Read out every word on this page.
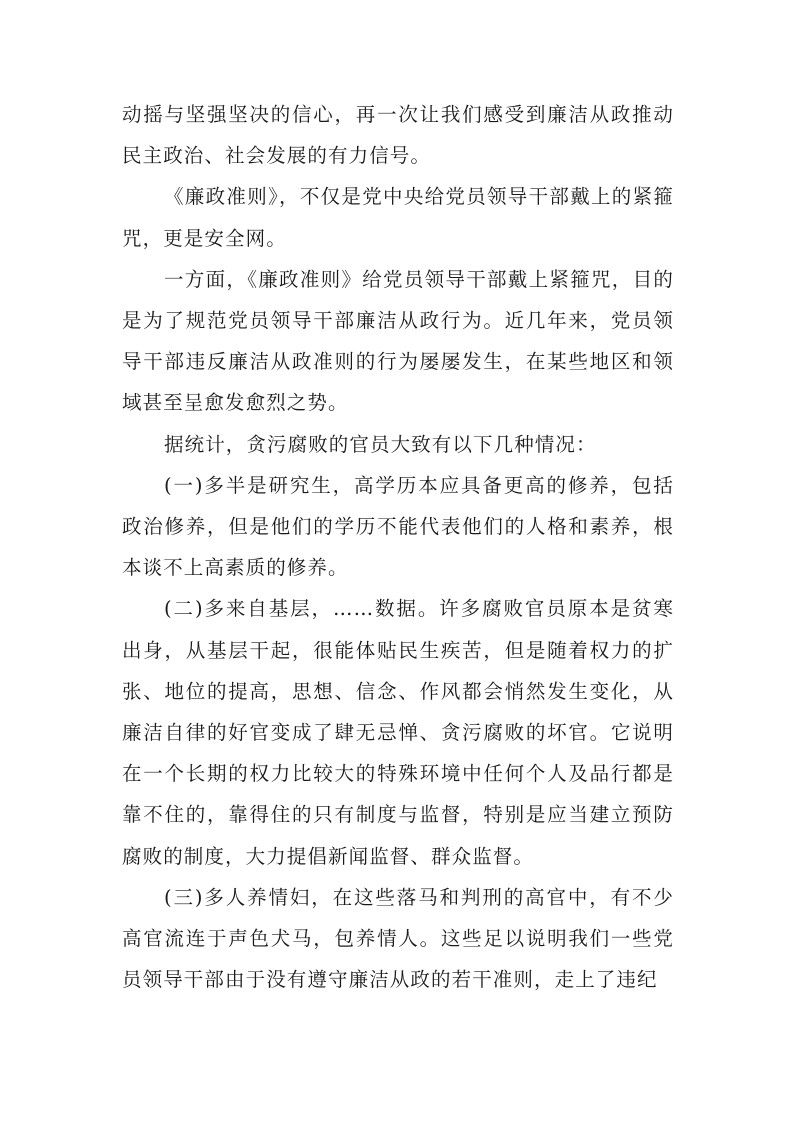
动摇与坚强坚决的信心，再一次让我们感受到廉洁从政推动民主政治、社会发展的有力信号。

《廉政准则》，不仅是党中央给党员领导干部戴上的紧箍咒，更是安全网。

一方面，《廉政准则》给党员领导干部戴上紧箍咒，目的是为了规范党员领导干部廉洁从政行为。近几年来，党员领导干部违反廉洁从政准则的行为屡屡发生，在某些地区和领域甚至呈愈发愈烈之势。

据统计，贪污腐败的官员大致有以下几种情况：

(一)多半是研究生，高学历本应具备更高的修养，包括政治修养，但是他们的学历不能代表他们的人格和素养，根本谈不上高素质的修养。

(二)多来自基层，……数据。许多腐败官员原本是贫寒出身，从基层干起，很能体贴民生疾苦，但是随着权力的扩张、地位的提高，思想、信念、作风都会悄然发生变化，从廉洁自律的好官变成了肆无忌惮、贪污腐败的坏官。它说明在一个长期的权力比较大的特殊环境中任何个人及品行都是靠不住的，靠得住的只有制度与监督，特别是应当建立预防腐败的制度，大力提倡新闻监督、群众监督。

(三)多人养情妇，在这些落马和判刑的高官中，有不少高官流连于声色犬马，包养情人。这些足以说明我们一些党员领导干部由于没有遵守廉洁从政的若干准则，走上了违纪
